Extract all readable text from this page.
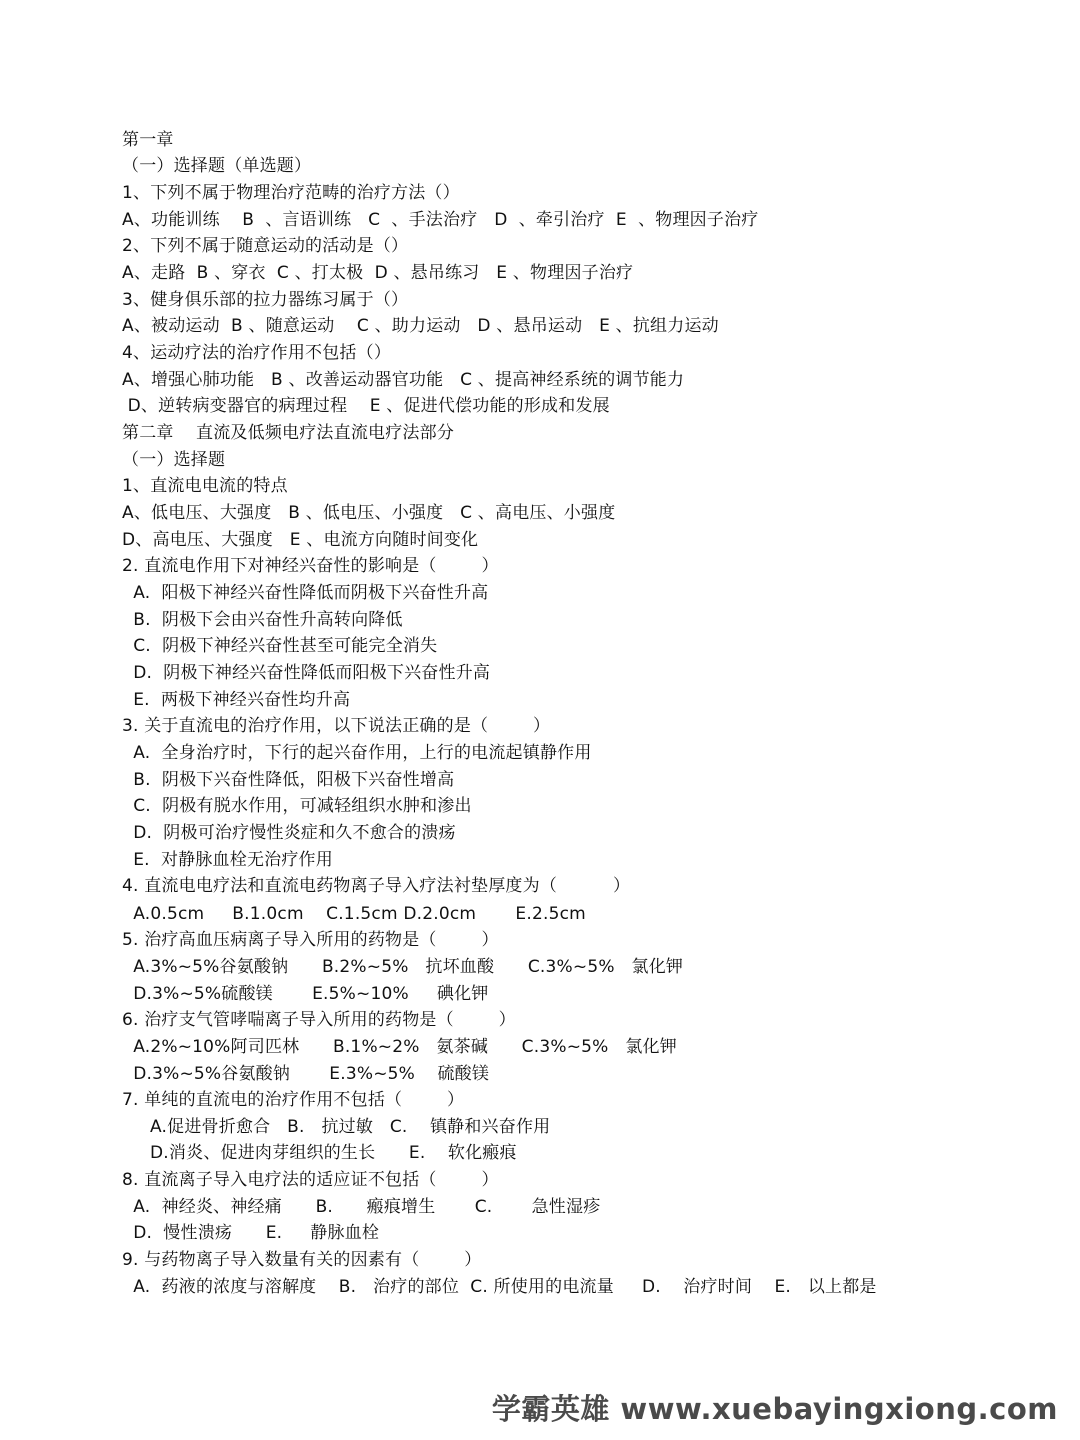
第一章
（一）选择题（单选题）
1、下列不属于物理治疗范畴的治疗方法（）
A、功能训练    B  、言语训练   C  、手法治疗   D  、牵引治疗  E  、物理因子治疗
2、下列不属于随意运动的活动是（）
A、走路  B 、穿衣  C 、打太极  D 、悬吊练习   E 、物理因子治疗
3、健身俱乐部的拉力器练习属于（）
A、被动运动  B 、随意运动    C 、助力运动   D 、悬吊运动   E 、抗组力运动
4、运动疗法的治疗作用不包括（）
A、增强心肺功能   B 、改善运动器官功能   C 、提高神经系统的调节能力
D、逆转病变器官的病理过程    E 、促进代偿功能的形成和发展
第二章    直流及低频电疗法直流电疗法部分
（一）选择题
1、直流电电流的特点
A、低电压、大强度   B 、低电压、小强度   C 、高电压、小强度
D、高电压、大强度   E 、电流方向随时间变化
2. 直流电作用下对神经兴奋性的影响是（        ）
A.  阳极下神经兴奋性降低而阴极下兴奋性升高
B.  阴极下会由兴奋性升高转向降低
C.  阴极下神经兴奋性甚至可能完全消失
D.  阴极下神经兴奋性降低而阳极下兴奋性升高
E.  两极下神经兴奋性均升高
3. 关于直流电的治疗作用，以下说法正确的是（        ）
A.  全身治疗时，下行的起兴奋作用，上行的电流起镇静作用
B.  阴极下兴奋性降低，阳极下兴奋性增高
C.  阴极有脱水作用，可减轻组织水肿和渗出
D.  阴极可治疗慢性炎症和久不愈合的溃疡
E.  对静脉血栓无治疗作用
4. 直流电电疗法和直流电药物离子导入疗法衬垫厚度为（          ）
A.0.5cm     B.1.0cm    C.1.5cm D.2.0cm       E.2.5cm
5. 治疗高血压病离子导入所用的药物是（        ）
A.3%~5%谷氨酸钠      B.2%~5%   抗坏血酸      C.3%~5%   氯化钾
D.3%~5%硫酸镁       E.5%~10%     碘化钾
6. 治疗支气管哮喘离子导入所用的药物是（        ）
A.2%~10%阿司匹林      B.1%~2%   氨茶碱      C.3%~5%   氯化钾
D.3%~5%谷氨酸钠       E.3%~5%    硫酸镁
7. 单纯的直流电的治疗作用不包括（        ）
A.促进骨折愈合   B.   抗过敏   C.    镇静和兴奋作用
D.消炎、促进肉芽组织的生长      E.    软化瘢痕
8. 直流离子导入电疗法的适应证不包括（        ）
A.  神经炎、神经痛      B.      瘢痕增生       C.       急性湿疹
D.  慢性溃疡      E.     静脉血栓
9. 与药物离子导入数量有关的因素有（        ）
A.  药液的浓度与溶解度    B.   治疗的部位  C. 所使用的电流量     D.    治疗时间    E.   以上都是
学霸英雄 www.xuebayingxiong.com
